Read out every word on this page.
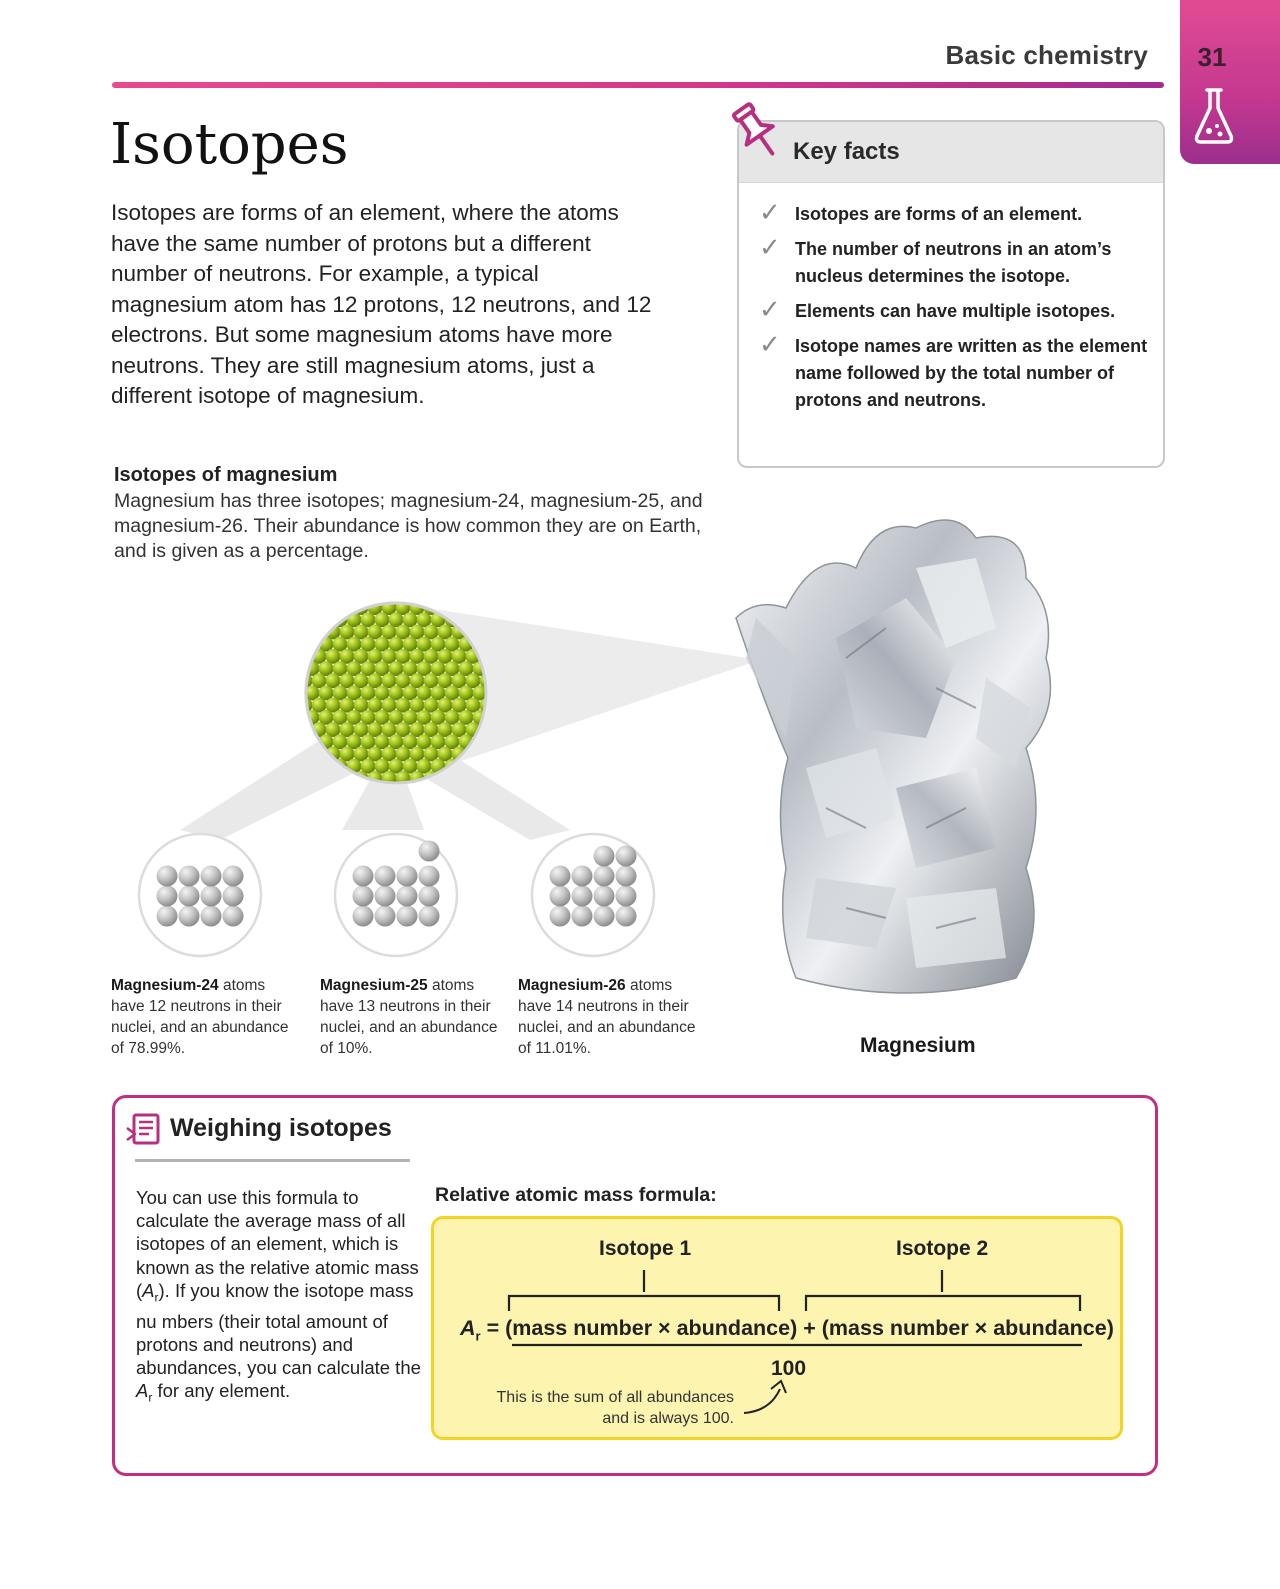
Basic chemistry	31
Isotopes

Isotopes are forms of an element, where the atoms have the same number of protons but a different number of neutrons. For example, a typical magnesium atom has 12 protons, 12 neutrons, and 12 electrons. But some magnesium atoms have more neutrons. They are still magnesium atoms, just a different isotope of magnesium.

Key facts
✓ Isotopes are forms of an element.
✓ The number of neutrons in an atom’s nucleus determines the isotope.
✓ Elements can have multiple isotopes.
✓ Isotope names are written as the element name followed by the total number of protons and neutrons.
Isotopes of magnesium
Magnesium has three isotopes; magnesium-24, magnesium-25, and magnesium-26. Their abundance is how common they are on Earth, and is given as a percentage.
Magnesium-24 atoms have 12 neutrons in their nuclei, and an abundance of 78.99%.
Magnesium-25 atoms have 13 neutrons in their nuclei, and an abundance of 10%.
Magnesium-26 atoms have 14 neutrons in their nuclei, and an abundance of 11.01%.	Magnesium
Weighing isotopes
You can use this formula to calculate the average mass of all isotopes of an element, which is known as the relative atomic mass $(A_r)$. If you know the isotope mass nu mbers (their total amount of protons and neutrons) and abundances, you can calculate the $A_r$ for any element.
Relative atomic mass formula:
Isotope 1	Isotope 2
$A_r$ = (mass number × abundance) + (mass number × abundance)
100
This is the sum of all abundances and is always 100.
